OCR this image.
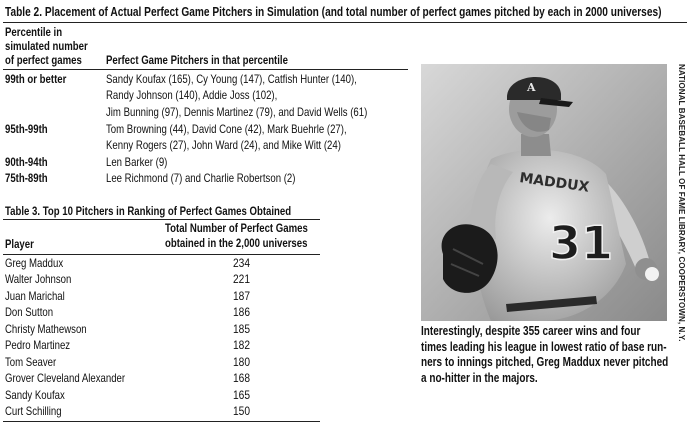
Table 2. Placement of Actual Perfect Game Pitchers in Simulation (and total number of perfect games pitched by each in 2000 universes)
Percentile in
simulated number
of perfect games	Perfect Game Pitchers in that percentile
99th or better	Sandy Koufax (165), Cy Young (147), Catfish Hunter (140),
Randy Johnson (140), Addie Joss (102),
Jim Bunning (97), Dennis Martinez (79), and David Wells (61)
95th-99th	Tom Browning (44), David Cone (42), Mark Buehrle (27),
Kenny Rogers (27), John Ward (24), and Mike Witt (24)
90th-94th	Len Barker (9)
75th-89th	Lee Richmond (7) and Charlie Robertson (2)
Table 3. Top 10 Pitchers in Ranking of Perfect Games Obtained
Total Number of Perfect Games
obtained in the 2,000 universes
Player
Greg Maddux	234
Walter Johnson	221
Juan Marichal	187
Don Sutton	186
Christy Mathewson	185
Pedro Martinez	182
Tom Seaver	180
Grover Cleveland Alexander	168
Sandy Koufax	165
Curt Schilling	150
A
MADDUX
31	NATIONAL BASEBALL HALL OF FAME LIBRARY, COOPERSTOWN, N.Y.
Interestingly, despite 355 career wins and four
times leading his league in lowest ratio of base run-
ners to innings pitched, Greg Maddux never pitched
a no-hitter in the majors.
